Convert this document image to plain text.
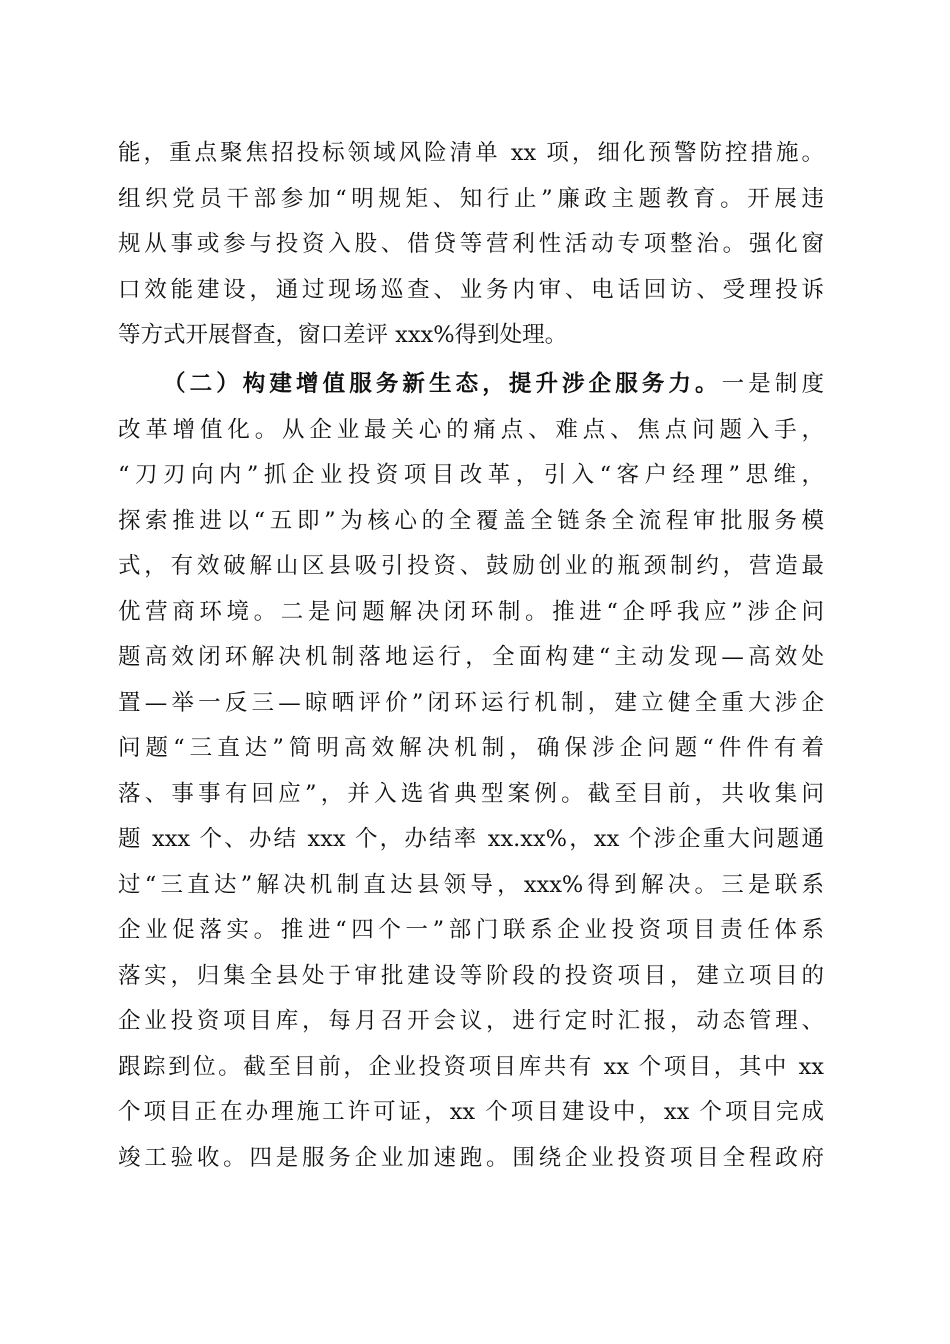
能，重点聚焦招投标领域风险清单 xx 项，细化预警防控措施。
组织党员干部参加“明规矩、知行止”廉政主题教育。开展违
规从事或参与投资入股、借贷等营利性活动专项整治。强化窗
口效能建设，通过现场巡查、业务内审、电话回访、受理投诉
等方式开展督查，窗口差评 xxx%得到处理。
（二）构建增值服务新生态，提升涉企服务力。一是制度
改革增值化。从企业最关心的痛点、难点、焦点问题入手，
“刀刃向内”抓企业投资项目改革，引入“客户经理”思维，
探索推进以“五即”为核心的全覆盖全链条全流程审批服务模
式，有效破解山区县吸引投资、鼓励创业的瓶颈制约，营造最
优营商环境。二是问题解决闭环制。推进“企呼我应”涉企问
题高效闭环解决机制落地运行，全面构建“主动发现—高效处
置—举一反三—晾晒评价”闭环运行机制，建立健全重大涉企
问题“三直达”简明高效解决机制，确保涉企问题“件件有着
落、事事有回应”，并入选省典型案例。截至目前，共收集问
题 xxx 个、办结 xxx 个，办结率 xx.xx%，xx 个涉企重大问题通
过“三直达”解决机制直达县领导，xxx%得到解决。三是联系
企业促落实。推进“四个一”部门联系企业投资项目责任体系
落实，归集全县处于审批建设等阶段的投资项目，建立项目的
企业投资项目库，每月召开会议，进行定时汇报，动态管理、
跟踪到位。截至目前，企业投资项目库共有 xx 个项目，其中 xx
个项目正在办理施工许可证，xx 个项目建设中，xx 个项目完成
竣工验收。四是服务企业加速跑。围绕企业投资项目全程政府
